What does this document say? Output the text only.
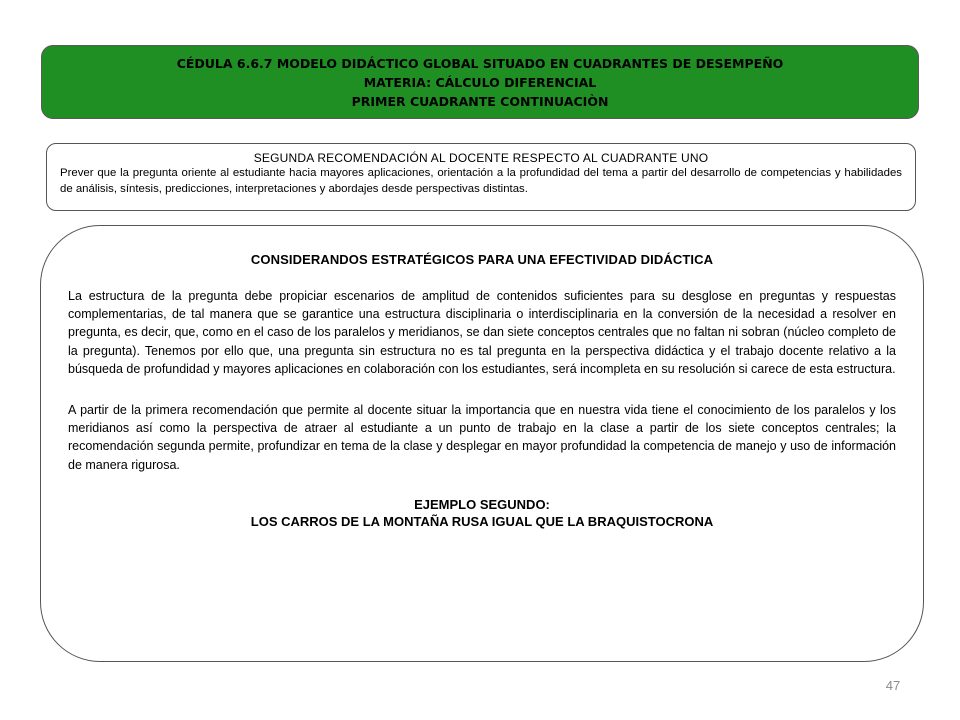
CÉDULA 6.6.7 MODELO DIDÁCTICO GLOBAL SITUADO EN CUADRANTES DE DESEMPEÑO
MATERIA: CÁLCULO DIFERENCIAL
PRIMER CUADRANTE CONTINUACIÒN
SEGUNDA RECOMENDACIÓN AL DOCENTE RESPECTO AL CUADRANTE UNO
Prever que la pregunta oriente al estudiante hacia mayores aplicaciones, orientación a la profundidad del tema a partir del desarrollo de competencias y habilidades de análisis, síntesis, predicciones, interpretaciones y abordajes desde perspectivas distintas.
CONSIDERANDOS ESTRATÉGICOS PARA UNA EFECTIVIDAD DIDÁCTICA
La estructura de la pregunta debe propiciar escenarios de amplitud de contenidos suficientes para su desglose en preguntas y respuestas complementarias, de tal manera que se garantice una estructura disciplinaria o interdisciplinaria en la conversión de la necesidad a resolver en pregunta, es decir, que, como en el caso de los paralelos y meridianos, se dan siete conceptos centrales que no faltan ni sobran (núcleo completo de la pregunta). Tenemos por ello que, una pregunta sin estructura no es tal pregunta en la perspectiva didáctica y el trabajo docente relativo a la búsqueda de profundidad y mayores aplicaciones en colaboración con los estudiantes, será incompleta en su resolución si carece de esta estructura.
A partir de la primera recomendación que permite al docente situar la importancia que en nuestra vida tiene el conocimiento de los paralelos y los meridianos así como la perspectiva de atraer al estudiante a un punto de trabajo en la clase a partir de los siete conceptos centrales; la recomendación segunda permite, profundizar en tema de la clase y desplegar en mayor profundidad la competencia de manejo y uso de información de manera rigurosa.
EJEMPLO SEGUNDO:
LOS CARROS DE LA MONTAÑA RUSA IGUAL QUE LA BRAQUISTOCRONA
47
